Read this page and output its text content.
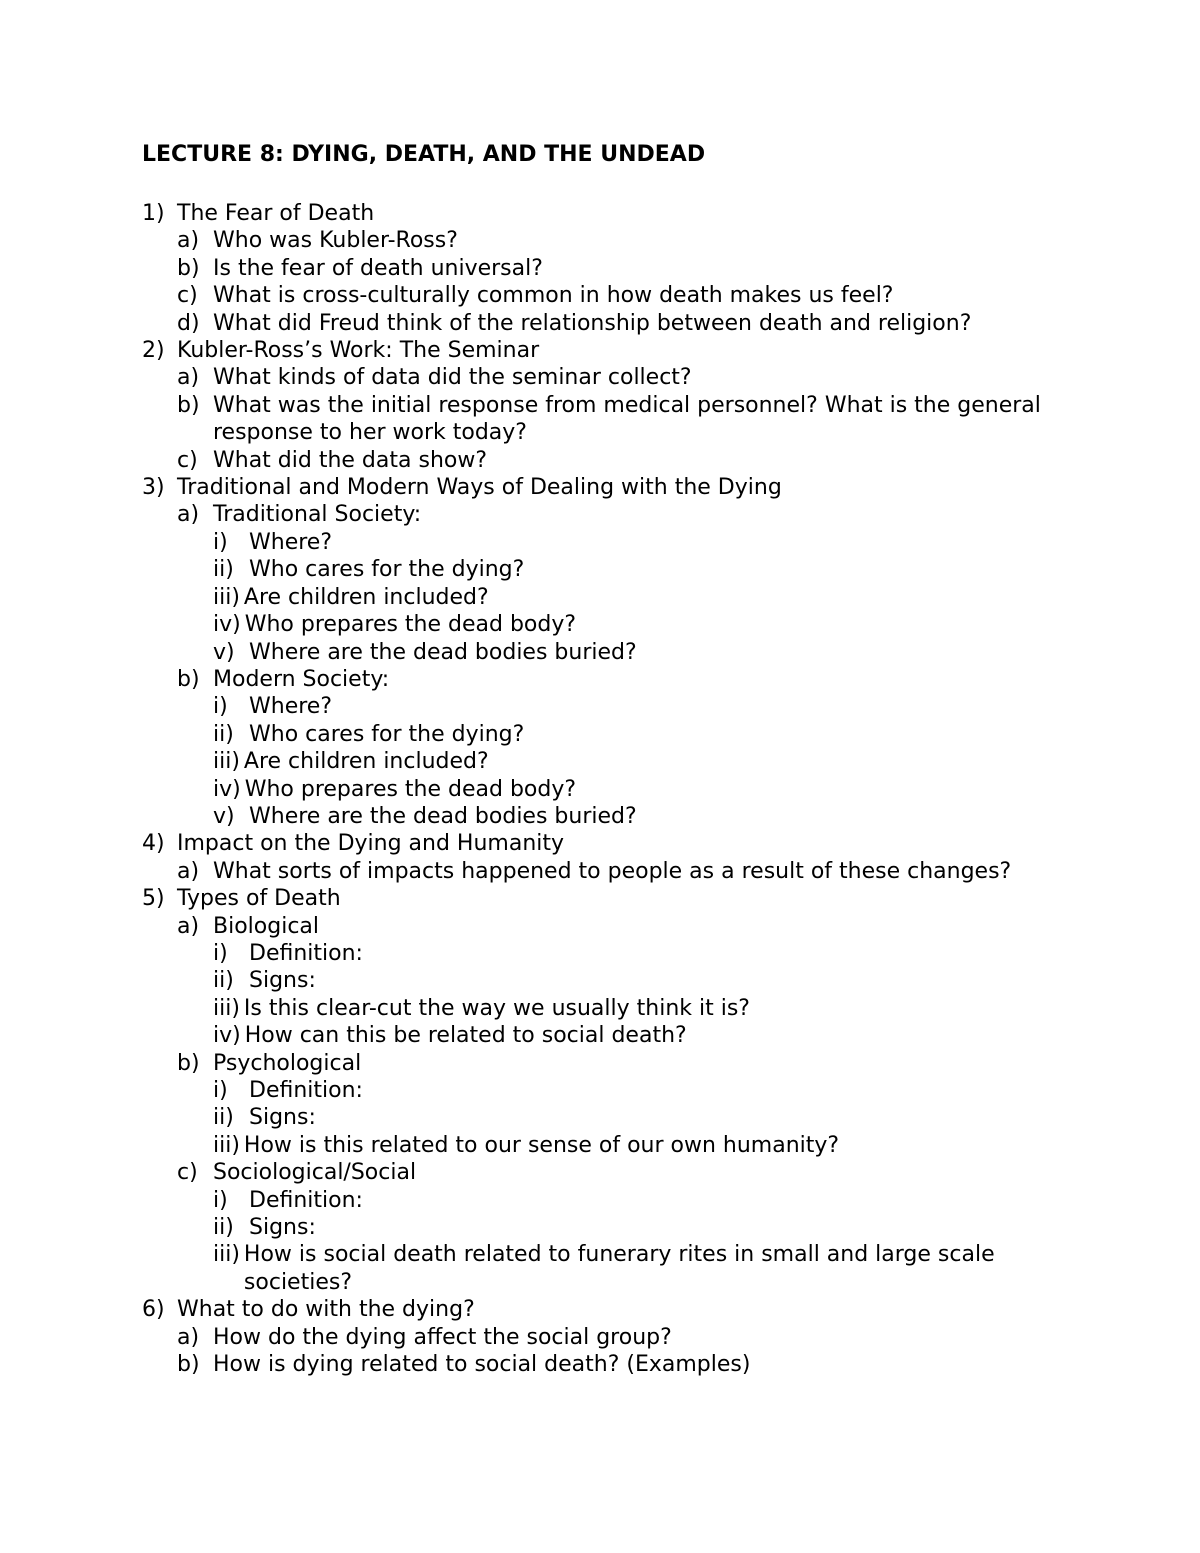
LECTURE 8: DYING, DEATH, AND THE UNDEAD
1) The Fear of Death
a) Who was Kubler-Ross?
b) Is the fear of death universal?
c) What is cross-culturally common in how death makes us feel?
d) What did Freud think of the relationship between death and religion?
2) Kubler-Ross’s Work: The Seminar
a) What kinds of data did the seminar collect?
b) What was the initial response from medical personnel? What is the general response to her work today?
c) What did the data show?
3) Traditional and Modern Ways of Dealing with the Dying
a) Traditional Society:
i) Where?
ii) Who cares for the dying?
iii) Are children included?
iv) Who prepares the dead body?
v) Where are the dead bodies buried?
b) Modern Society:
i) Where?
ii) Who cares for the dying?
iii) Are children included?
iv) Who prepares the dead body?
v) Where are the dead bodies buried?
4) Impact on the Dying and Humanity
a) What sorts of impacts happened to people as a result of these changes?
5) Types of Death
a) Biological
i) Definition:
ii) Signs:
iii) Is this clear-cut the way we usually think it is?
iv) How can this be related to social death?
b) Psychological
i) Definition:
ii) Signs:
iii) How is this related to our sense of our own humanity?
c) Sociological/Social
i) Definition:
ii) Signs:
iii) How is social death related to funerary rites in small and large scale societies?
6) What to do with the dying?
a) How do the dying affect the social group?
b) How is dying related to social death? (Examples)
